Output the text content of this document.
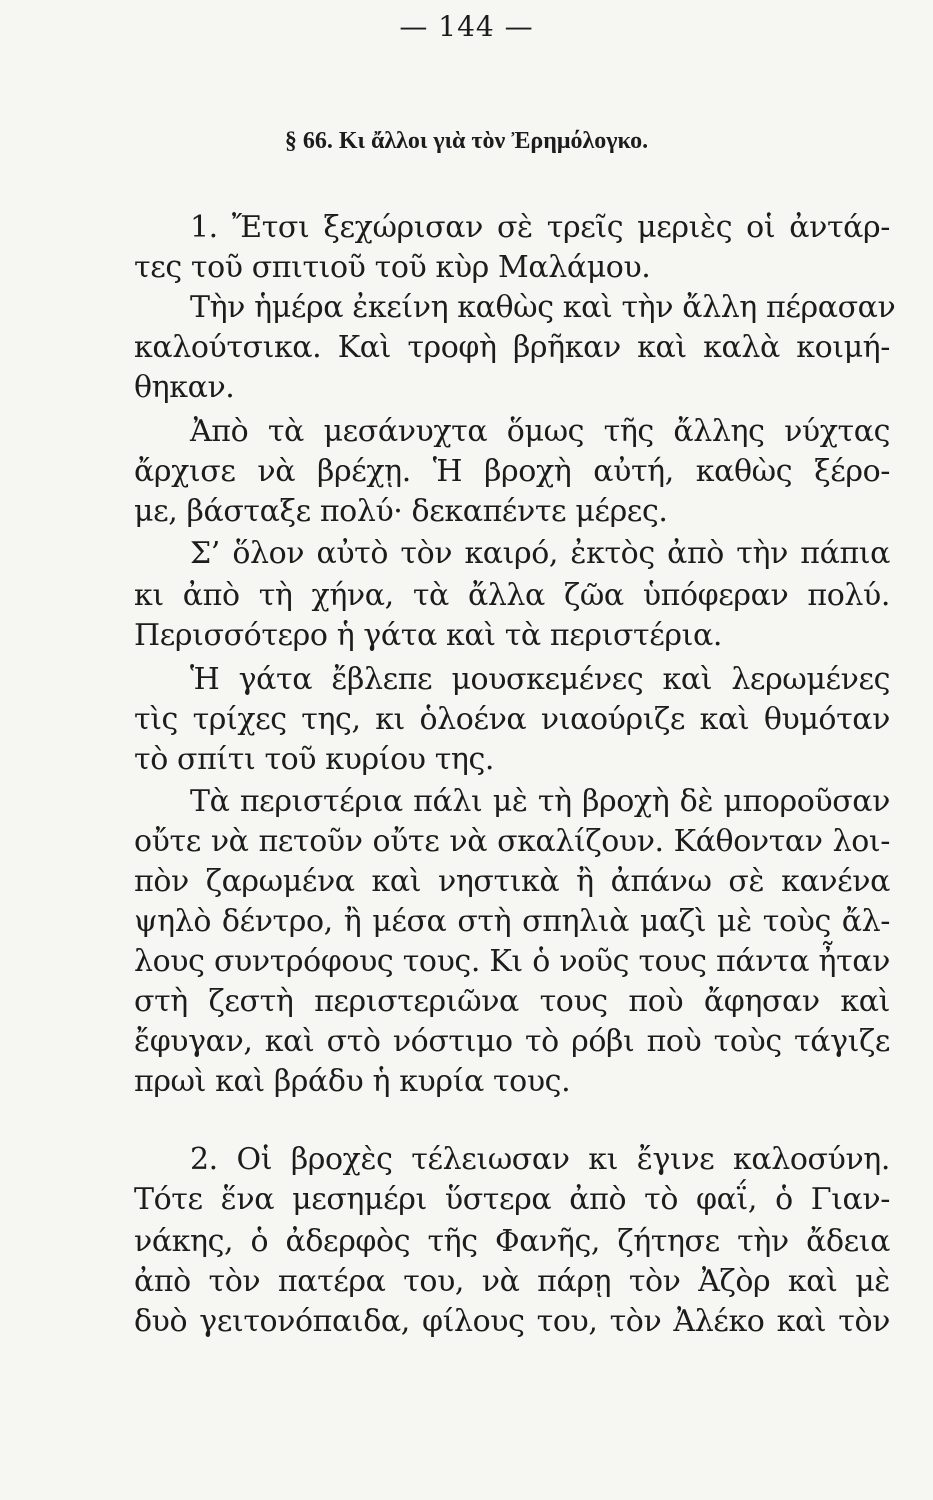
— 144 —
§ 66. Κι ἄλλοι γιὰ τὸν Ἐρημόλογκο.
1. Ἔτσι ξεχώρισαν σὲ τρεῖς μεριὲς οἱ ἀντάρ-
τες τοῦ σπιτιοῦ τοῦ κὺρ Μαλάμου.
Τὴν ἡμέρα ἐκείνη καθὼς καὶ τὴν ἄλλη πέρασαν
καλούτσικα. Καὶ τροφὴ βρῆκαν καὶ καλὰ κοιμή-
θηκαν.
Ἀπὸ τὰ μεσάνυχτα ὅμως τῆς ἄλλης νύχτας
ἄρχισε νὰ βρέχῃ. Ἡ βροχὴ αὐτή, καθὼς ξέρο-
με, βάσταξε πολύ· δεκαπέντε μέρες.
Σ’ ὅλον αὐτὸ τὸν καιρό, ἐκτὸς ἀπὸ τὴν πάπια
κι ἀπὸ τὴ χήνα, τὰ ἄλλα ζῶα ὑπόφεραν πολύ.
Περισσότερο ἡ γάτα καὶ τὰ περιστέρια.
Ἡ γάτα ἔβλεπε μουσκεμένες καὶ λερωμένες
τὶς τρίχες της, κι ὁλοένα νιαούριζε καὶ θυμόταν
τὸ σπίτι τοῦ κυρίου της.
Τὰ περιστέρια πάλι μὲ τὴ βροχὴ δὲ μποροῦσαν
οὔτε νὰ πετοῦν οὔτε νὰ σκαλίζουν. Κάθονταν λοι-
πὸν ζαρωμένα καὶ νηστικὰ ἢ ἀπάνω σὲ κανένα
ψηλὸ δέντρο, ἢ μέσα στὴ σπηλιὰ μαζὶ μὲ τοὺς ἄλ-
λους συντρόφους τους. Κι ὁ νοῦς τους πάντα ἦταν
στὴ ζεστὴ περιστεριῶνα τους ποὺ ἄφησαν καὶ
ἔφυγαν, καὶ στὸ νόστιμο τὸ ρόβι ποὺ τοὺς τάγιζε
πρωὶ καὶ βράδυ ἡ κυρία τους.
2. Οἱ βροχὲς τέλειωσαν κι ἔγινε καλοσύνη.
Τότε ἕνα μεσημέρι ὕστερα ἀπὸ τὸ φαΐ, ὁ Γιαν-
νάκης, ὁ ἀδερφὸς τῆς Φανῆς, ζήτησε τὴν ἄδεια
ἀπὸ τὸν πατέρα του, νὰ πάρῃ τὸν Ἀζὸρ καὶ μὲ
δυὸ γειτονόπαιδα, φίλους του, τὸν Ἀλέκο καὶ τὸν
